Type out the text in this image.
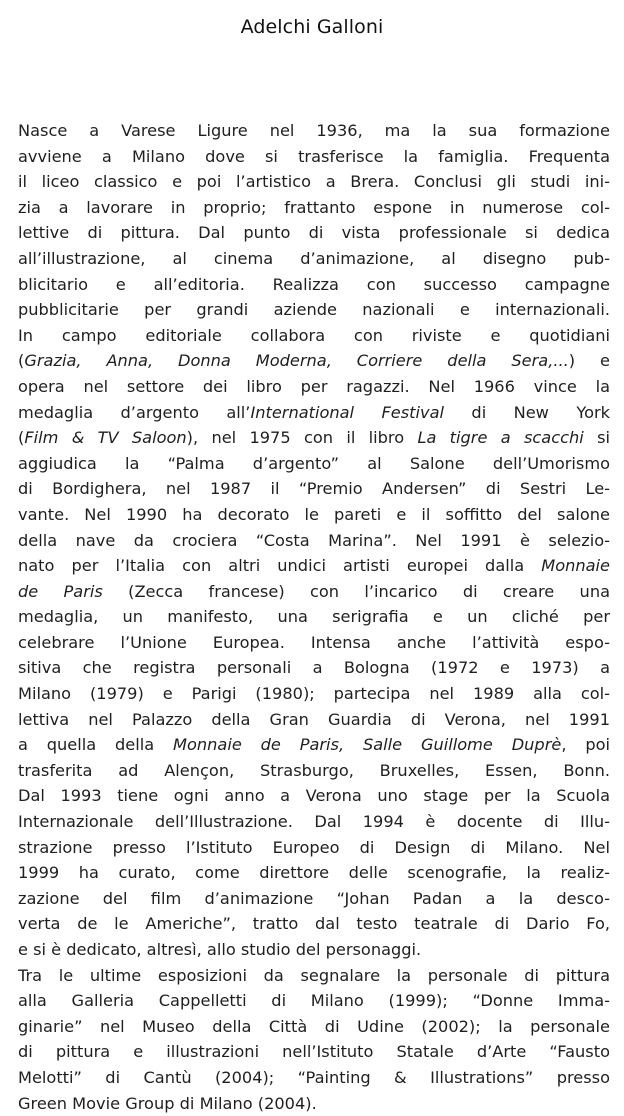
Adelchi Galloni
Nasce a Varese Ligure nel 1936, ma la sua formazione
avviene a Milano dove si trasferisce la famiglia. Frequenta
il liceo classico e poi l’artistico a Brera. Conclusi gli studi ini-
zia a lavorare in proprio; frattanto espone in numerose col-
lettive di pittura. Dal punto di vista professionale si dedica
all’illustrazione, al cinema d’animazione, al disegno pub-
blicitario e all’editoria. Realizza con successo campagne
pubblicitarie per grandi aziende nazionali e internazionali.
In campo editoriale collabora con riviste e quotidiani
(Grazia, Anna, Donna Moderna, Corriere della Sera,...) e
opera nel settore dei libro per ragazzi. Nel 1966 vince la
medaglia d’argento all’International Festival di New York
(Film & TV Saloon), nel 1975 con il libro La tigre a scacchi si
aggiudica la “Palma d’argento” al Salone dell’Umorismo
di Bordighera, nel 1987 il “Premio Andersen” di Sestri Le-
vante. Nel 1990 ha decorato le pareti e il soffitto del salone
della nave da crociera “Costa Marina”. Nel 1991 è seleziо-
nato per l’Italia con altri undici artisti europei dalla Monnaie
de Paris (Zecca francese) con l’incarico di creare una
medaglia, un manifesto, una serigrafia e un cliché per
celebrare l’Unione Europea. Intensa anche l’attività espo-
sitiva che registra personali a Bologna (1972 e 1973) a
Milano (1979) e Parigi (1980); partecipa nel 1989 alla col-
lettiva nel Palazzo della Gran Guardia di Verona, nel 1991
a quella della Monnaie de Paris, Salle Guillome Duprè, poi
trasferita ad Alençon, Strasburgo, Bruxelles, Essen, Bonn.
Dal 1993 tiene ogni anno a Verona uno stage per la Scuola
Internazionale dell’Illustrazione. Dal 1994 è docente di Illu-
strazione presso l’Istituto Europeo di Design di Milano. Nel
1999 ha curato, come direttore delle scenografie, la realiz-
zazione del film d’animazione “Johan Padan a la desco-
verta de le Americhe”, tratto dal testo teatrale di Dario Fo,
e si è dedicato, altresì, allo studio del personaggi.
Tra le ultime esposizioni da segnalare la personale di pittura
alla Galleria Cappelletti di Milano (1999); “Donne Imma-
ginarie” nel Museo della Città di Udine (2002); la personale
di pittura e illustrazioni nell’Istituto Statale d’Arte “Fausto
Melotti” di Cantù (2004); “Painting & Illustrations” presso
Green Movie Group di Milano (2004).
